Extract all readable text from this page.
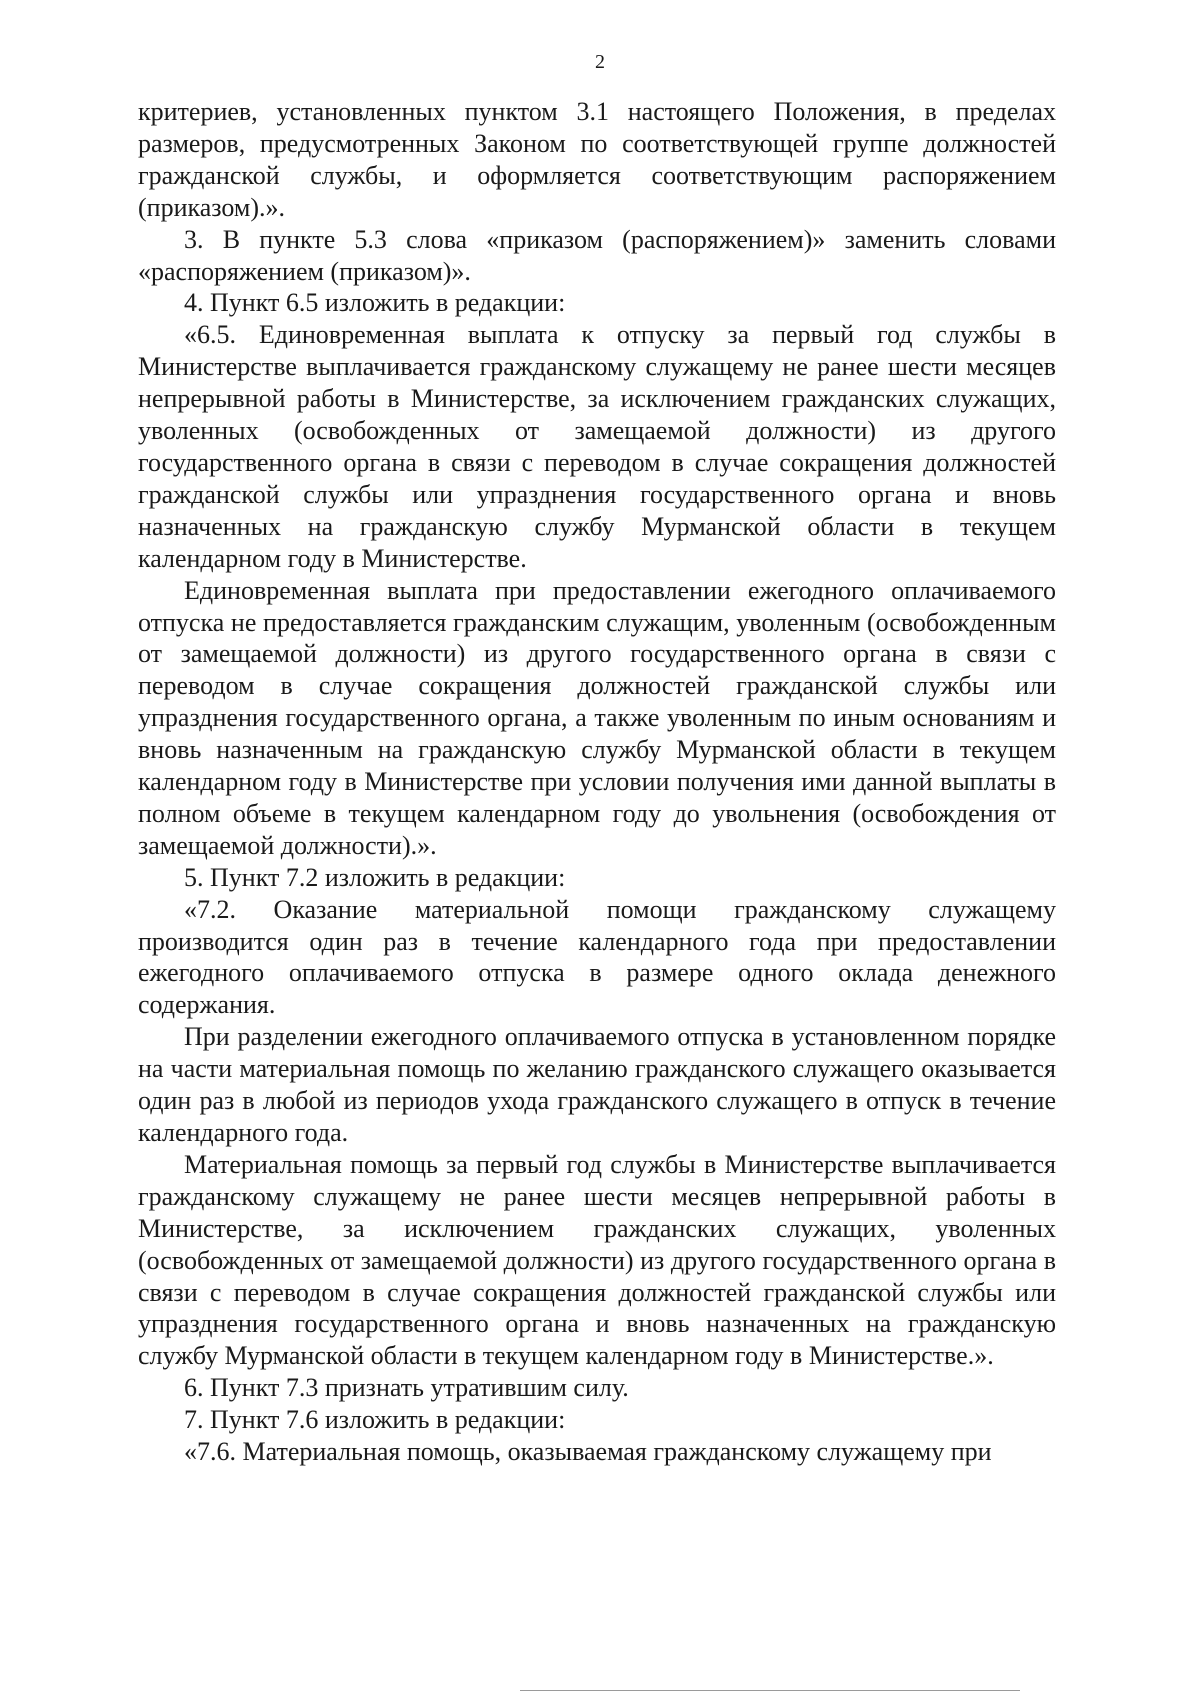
2

критериев, установленных пунктом 3.1 настоящего Положения, в пределах размеров, предусмотренных Законом по соответствующей группе должностей гражданской службы, и оформляется соответствующим распоряжением (приказом).».

3. В пункте 5.3 слова «приказом (распоряжением)» заменить словами «распоряжением (приказом)».

4. Пункт 6.5 изложить в редакции:

«6.5. Единовременная выплата к отпуску за первый год службы в Министерстве выплачивается гражданскому служащему не ранее шести месяцев непрерывной работы в Министерстве, за исключением гражданских служащих, уволенных (освобожденных от замещаемой должности) из другого государственного органа в связи с переводом в случае сокращения должностей гражданской службы или упразднения государственного органа и вновь назначенных на гражданскую службу Мурманской области в текущем календарном году в Министерстве.

Единовременная выплата при предоставлении ежегодного оплачиваемого отпуска не предоставляется гражданским служащим, уволенным (освобожденным от замещаемой должности) из другого государственного органа в связи с переводом в случае сокращения должностей гражданской службы или упразднения государственного органа, а также уволенным по иным основаниям и вновь назначенным на гражданскую службу Мурманской области в текущем календарном году в Министерстве при условии получения ими данной выплаты в полном объеме в текущем календарном году до увольнения (освобождения от замещаемой должности).».

5. Пункт 7.2 изложить в редакции:

«7.2. Оказание материальной помощи гражданскому служащему производится один раз в течение календарного года при предоставлении ежегодного оплачиваемого отпуска в размере одного оклада денежного содержания.

При разделении ежегодного оплачиваемого отпуска в установленном порядке на части материальная помощь по желанию гражданского служащего оказывается один раз в любой из периодов ухода гражданского служащего в отпуск в течение календарного года.

Материальная помощь за первый год службы в Министерстве выплачивается гражданскому служащему не ранее шести месяцев непрерывной работы в Министерстве, за исключением гражданских служащих, уволенных (освобожденных от замещаемой должности) из другого государственного органа в связи с переводом в случае сокращения должностей гражданской службы или упразднения государственного органа и вновь назначенных на гражданскую службу Мурманской области в текущем календарном году в Министерстве.».

6. Пункт 7.3 признать утратившим силу.

7. Пункт 7.6 изложить в редакции:

«7.6. Материальная помощь, оказываемая гражданскому служащему при
